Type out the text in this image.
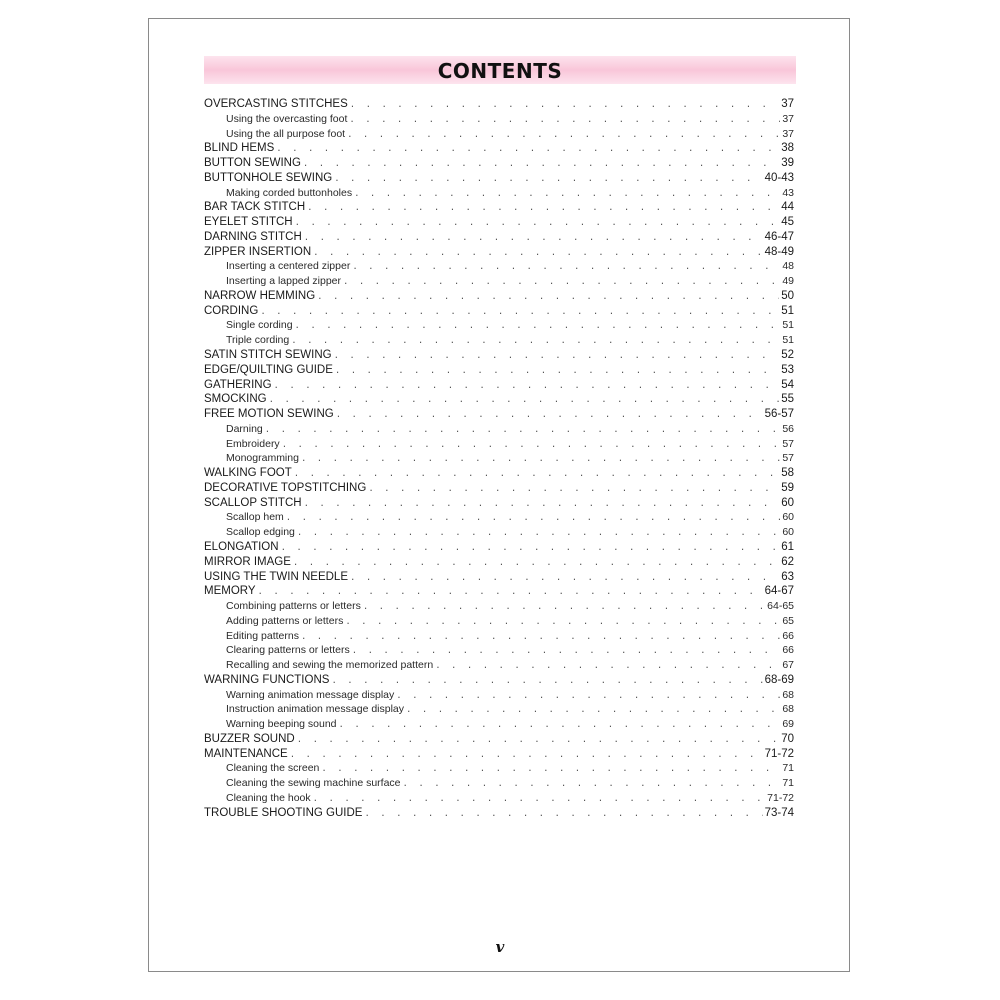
CONTENTS
OVERCASTING STITCHES . . .	37
Using the overcasting foot . . .	37
Using the all purpose foot . . .	37
BLIND HEMS . . .	38
BUTTON SEWING . . .	39
BUTTONHOLE SEWING . . .	40-43
Making corded buttonholes . . .	43
BAR TACK STITCH . . .	44
EYELET STITCH . . .	45
DARNING STITCH . . .	46-47
ZIPPER INSERTION . . .	48-49
Inserting a centered zipper . . .	48
Inserting a lapped zipper . . .	49
NARROW HEMMING . . .	50
CORDING . . .	51
Single cording . . .	51
Triple cording . . .	51
SATIN STITCH SEWING . . .	52
EDGE/QUILTING GUIDE . . .	53
GATHERING . . .	54
SMOCKING . . .	55
FREE MOTION SEWING . . .	56-57
Darning . . .	56
Embroidery . . .	57
Monogramming . . .	57
WALKING FOOT . . .	58
DECORATIVE TOPSTITCHING . . .	59
SCALLOP STITCH . . .	60
Scallop hem . . .	60
Scallop edging . . .	60
ELONGATION . . .	61
MIRROR IMAGE . . .	62
USING THE TWIN NEEDLE . . .	63
MEMORY . . .	64-67
Combining patterns or letters . . .	64-65
Adding patterns or letters . . .	65
Editing patterns . . .	66
Clearing patterns or letters . . .	66
Recalling and sewing the memorized pattern . . .	67
WARNING FUNCTIONS . . .	68-69
Warning animation message display . . .	68
Instruction animation message display . . .	68
Warning beeping sound . . .	69
BUZZER SOUND . . .	70
MAINTENANCE . . .	71-72
Cleaning the screen . . .	71
Cleaning the sewing machine surface . . .	71
Cleaning the hook . . .	71-72
TROUBLE SHOOTING GUIDE . . .	73-74
v
